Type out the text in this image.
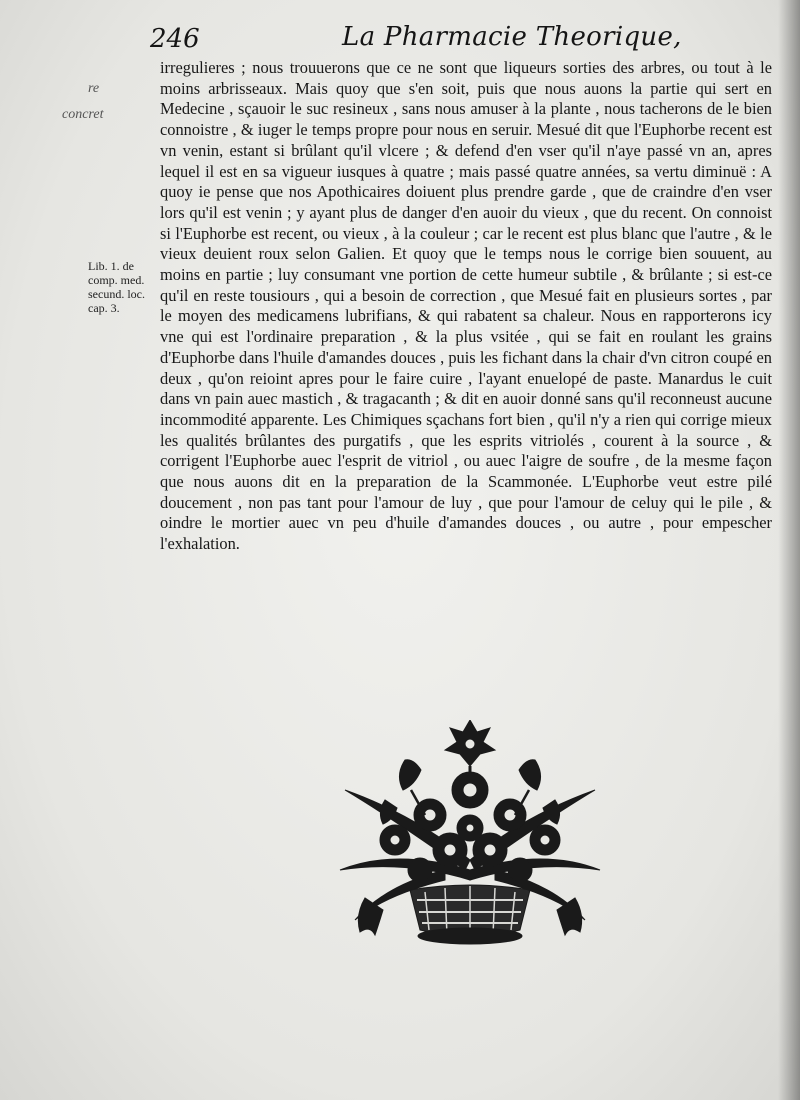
246	La Pharmacie Theorique,
re
concret
Lib. 1. de
comp. med.
secund. loc.
cap. 3.

irregulieres ; nous trouuerons que ce ne sont que liqueurs sorties des arbres, ou tout à le moins arbrisseaux. Mais quoy que s'en soit, puis que nous auons la partie qui sert en Medecine , sçauoir le suc resineux , sans nous amuser à la plante , nous tacherons de le bien connoistre , & iuger le temps propre pour nous en seruir. Mesué dit que l'Euphorbe recent est vn venin, estant si brûlant qu'il vlcere ; & defend d'en vser qu'il n'aye passé vn an, apres lequel il est en sa vigueur iusques à quatre ; mais passé quatre années, sa vertu diminuë : A quoy ie pense que nos Apothicaires doiuent plus prendre garde , que de craindre d'en vser lors qu'il est venin ; y ayant plus de danger d'en auoir du vieux , que du recent. On connoist si l'Euphorbe est recent, ou vieux , à la couleur ; car le recent est plus blanc que l'autre , & le vieux deuient roux selon Galien. Et quoy que le temps nous le corrige bien souuent, au moins en partie ; luy consumant vne portion de cette humeur subtile , & brûlante ; si est-ce qu'il en reste tousiours , qui a besoin de correction , que Mesué fait en plusieurs sortes , par le moyen des medicamens lubrifians, & qui rabatent sa chaleur. Nous en rapporterons icy vne qui est l'ordinaire preparation , & la plus vsitée , qui se fait en roulant les grains d'Euphorbe dans l'huile d'amandes douces , puis les fichant dans la chair d'vn citron coupé en deux , qu'on reioint apres pour le faire cuire , l'ayant enuelopé de paste. Manardus le cuit dans vn pain auec mastich , & tragacanth ; & dit en auoir donné sans qu'il reconneust aucune incommodité apparente. Les Chimiques sçachans fort bien , qu'il n'y a rien qui corrige mieux les qualités brûlantes des purgatifs , que les esprits vitriolés , courent à la source , & corrigent l'Euphorbe auec l'esprit de vitriol , ou auec l'aigre de soufre , de la mesme façon que nous auons dit en la preparation de la Scammonée. L'Euphorbe veut estre pilé doucement , non pas tant pour l'amour de luy , que pour l'amour de celuy qui le pile , & oindre le mortier auec vn peu d'huile d'amandes douces , ou autre , pour empescher l'exhalation.
